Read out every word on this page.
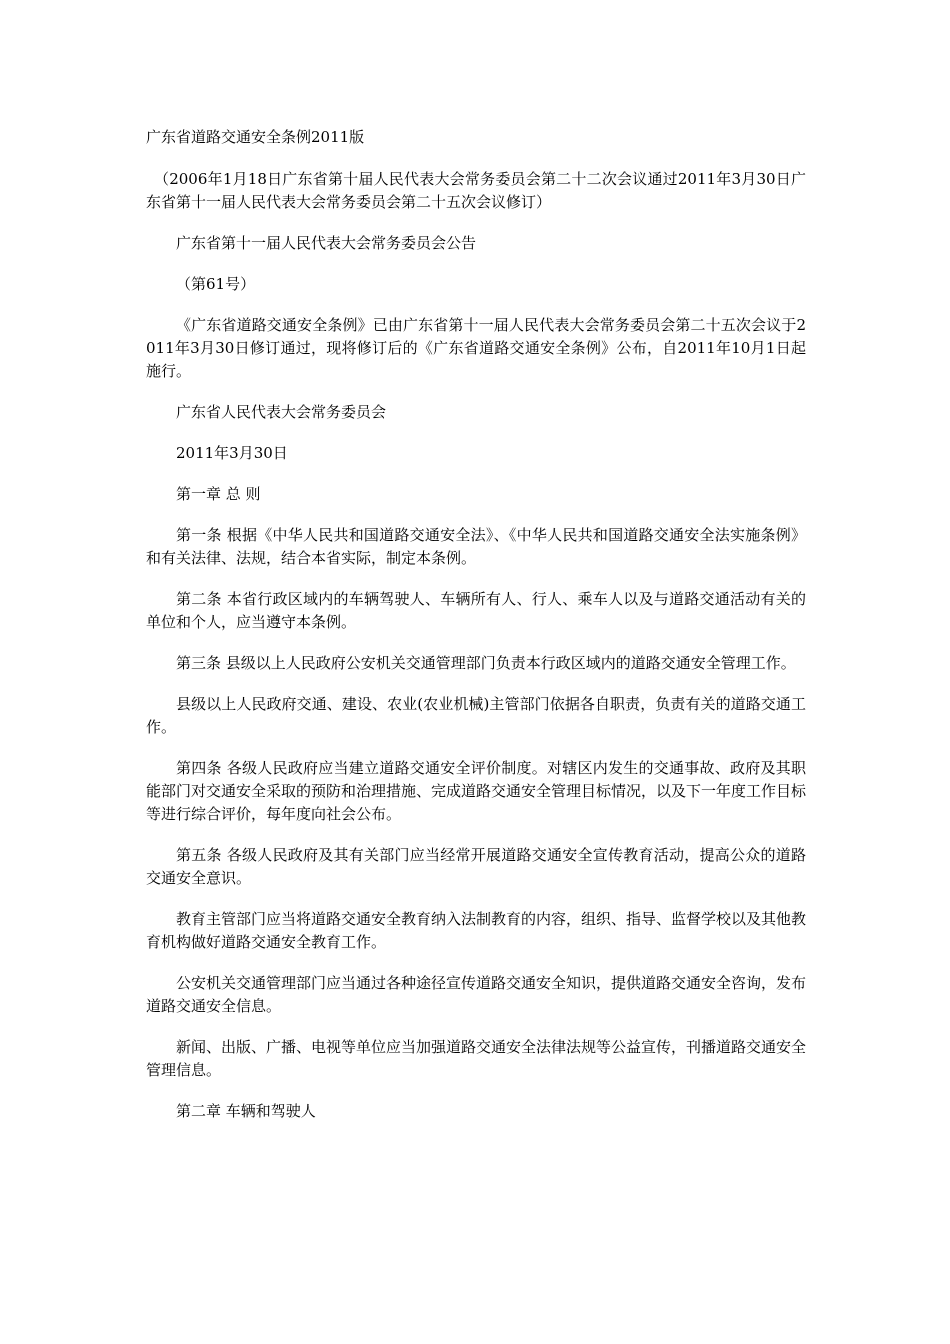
广东省道路交通安全条例2011版

（2006年1月18日广东省第十届人民代表大会常务委员会第二十二次会议通过2011年3月30日广东省第十一届人民代表大会常务委员会第二十五次会议修订）

广东省第十一届人民代表大会常务委员会公告

（第61号）

《广东省道路交通安全条例》已由广东省第十一届人民代表大会常务委员会第二十五次会议于2011年3月30日修订通过，现将修订后的《广东省道路交通安全条例》公布，自2011年10月1日起施行。

广东省人民代表大会常务委员会

2011年3月30日

第一章 总 则

第一条 根据《中华人民共和国道路交通安全法》、《中华人民共和国道路交通安全法实施条例》和有关法律、法规，结合本省实际，制定本条例。

第二条 本省行政区域内的车辆驾驶人、车辆所有人、行人、乘车人以及与道路交通活动有关的单位和个人，应当遵守本条例。

第三条 县级以上人民政府公安机关交通管理部门负责本行政区域内的道路交通安全管理工作。

县级以上人民政府交通、建设、农业(农业机械)主管部门依据各自职责，负责有关的道路交通工作。

第四条 各级人民政府应当建立道路交通安全评价制度。对辖区内发生的交通事故、政府及其职能部门对交通安全采取的预防和治理措施、完成道路交通安全管理目标情况，以及下一年度工作目标等进行综合评价，每年度向社会公布。

第五条 各级人民政府及其有关部门应当经常开展道路交通安全宣传教育活动，提高公众的道路交通安全意识。

教育主管部门应当将道路交通安全教育纳入法制教育的内容，组织、指导、监督学校以及其他教育机构做好道路交通安全教育工作。

公安机关交通管理部门应当通过各种途径宣传道路交通安全知识，提供道路交通安全咨询，发布道路交通安全信息。

新闻、出版、广播、电视等单位应当加强道路交通安全法律法规等公益宣传，刊播道路交通安全管理信息。

第二章 车辆和驾驶人
